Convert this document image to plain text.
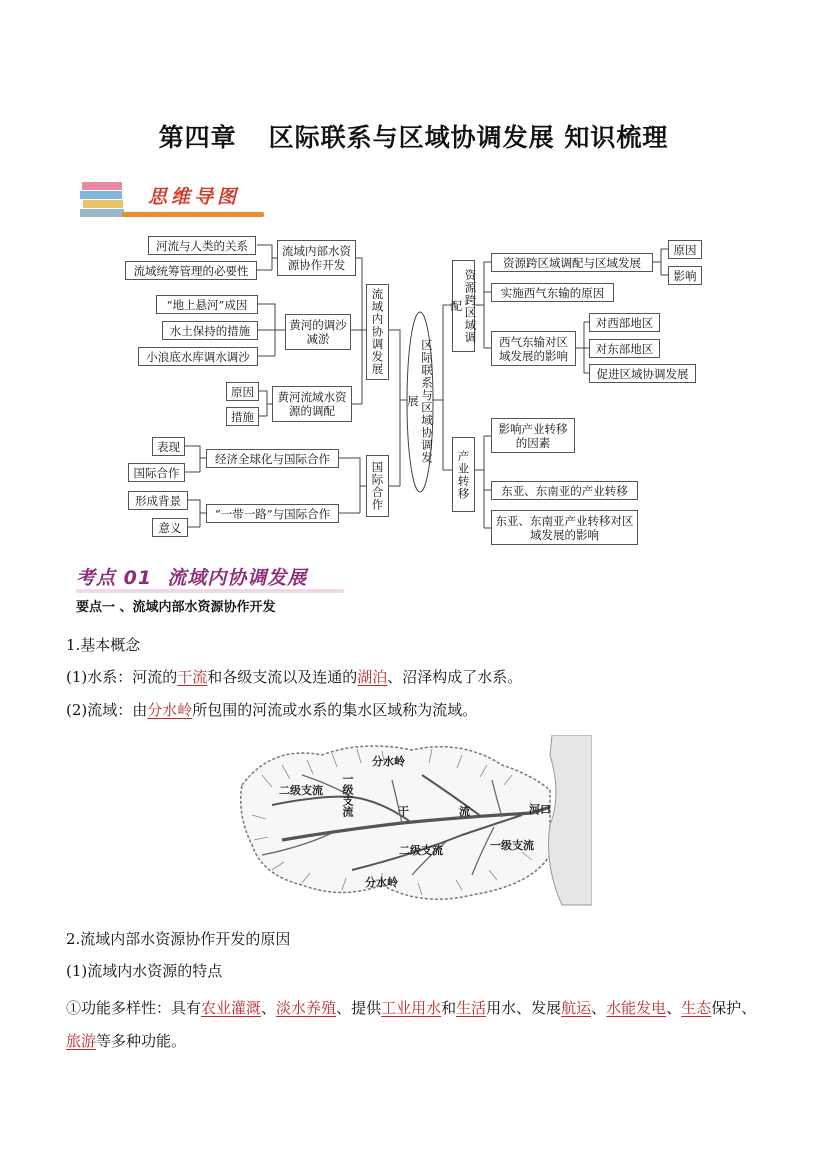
第四章 区际联系与区域协调发展 知识梳理
思维导图
区际联系与区域协调发展
河流与人类的关系
流域统筹管理的必要性
流域内部水资源协作开发
“地上悬河”成因
水土保持的措施
小浪底水库调水调沙
黄河的调沙减淤
原因
措施
黄河流域水资源的调配
流域内协调发展
表现
国际合作
经济全球化与国际合作
形成背景
意义
“一带一路”与国际合作
国际合作
资源跨区域调配
资源跨区域调配与区域发展
原因
影响
实施西气东输的原因
西气东输对区域发展的影响
对西部地区
对东部地区
促进区域协调发展
产业转移
影响产业转移的因素
东亚、东南亚的产业转移
东亚、东南亚产业转移对区域发展的影响
考点 01  流域内协调发展
要点一 、流域内部水资源协作开发
1.基本概念
(1)水系：河流的干流和各级支流以及连通的湖泊、沼泽构成了水系。
(2)流域：由分水岭所包围的河流或水系的集水区域称为流域。
分水岭
二级支流 一级支流	干流
二级支流	一级支流
河口
分水岭
2.流域内部水资源协作开发的原因
(1)流域内水资源的特点
①功能多样性：具有农业灌溉、淡水养殖、提供工业用水和生活用水、发展航运、水能发电、生态保护、旅游等多种功能。
